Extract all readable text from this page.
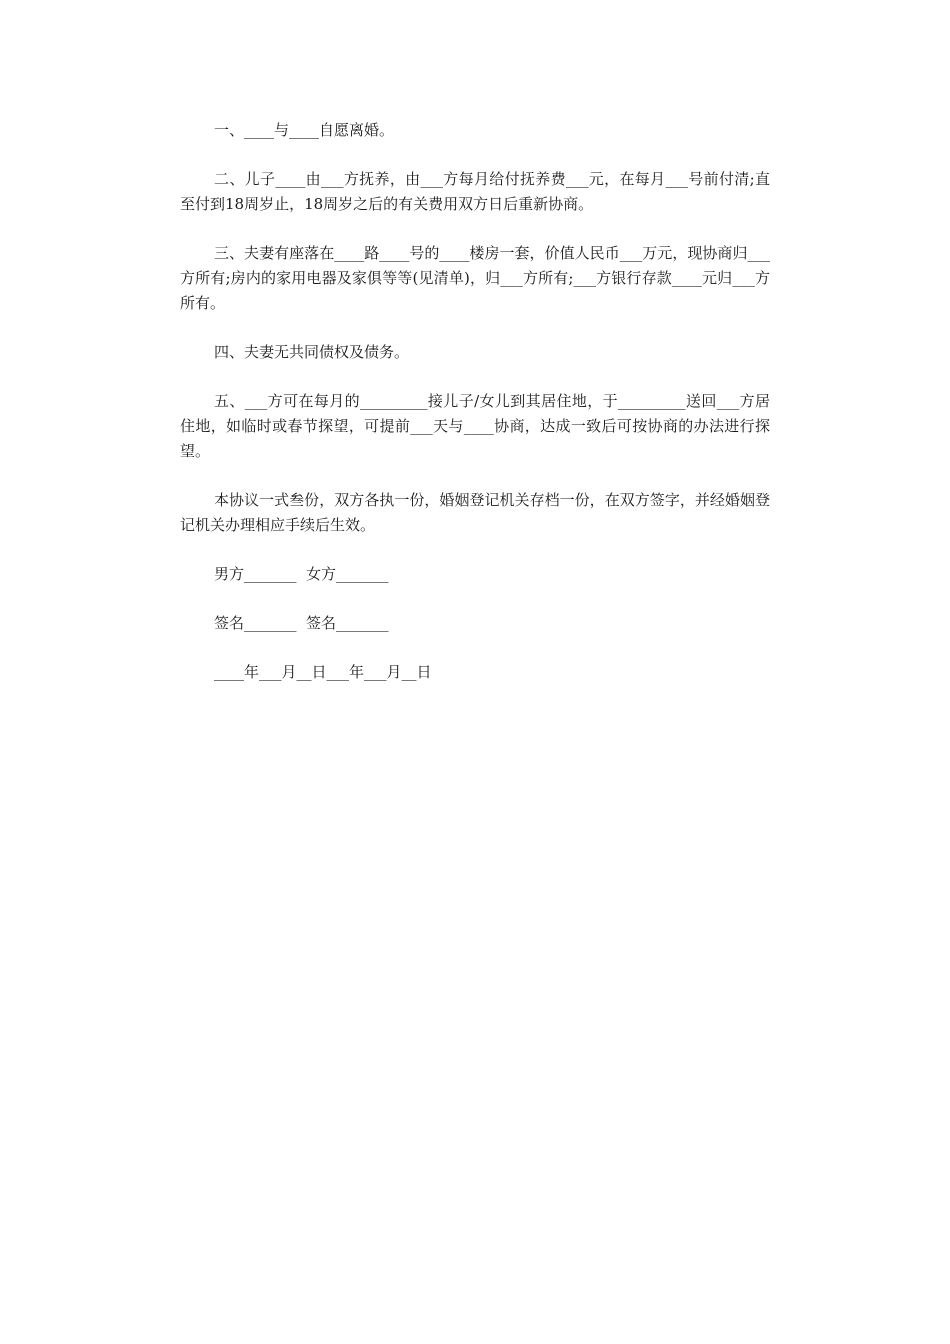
一、____与____自愿离婚。

二、儿子____由___方抚养，由___方每月给付抚养费___元，在每月___号前付清;直至付到18周岁止，18周岁之后的有关费用双方日后重新协商。

三、夫妻有座落在____路____号的____楼房一套，价值人民币___万元，现协商归___方所有;房内的家用电器及家俱等等(见清单)，归___方所有;___方银行存款____元归___方所有。

四、夫妻无共同债权及债务。

五、___方可在每月的_________接儿子/女儿到其居住地，于_________送回___方居住地，如临时或春节探望，可提前___天与____协商，达成一致后可按协商的办法进行探望。

本协议一式叁份，双方各执一份，婚姻登记机关存档一份，在双方签字，并经婚姻登记机关办理相应手续后生效。

男方_______  女方_______

签名_______  签名_______

____年___月__日___年___月__日
